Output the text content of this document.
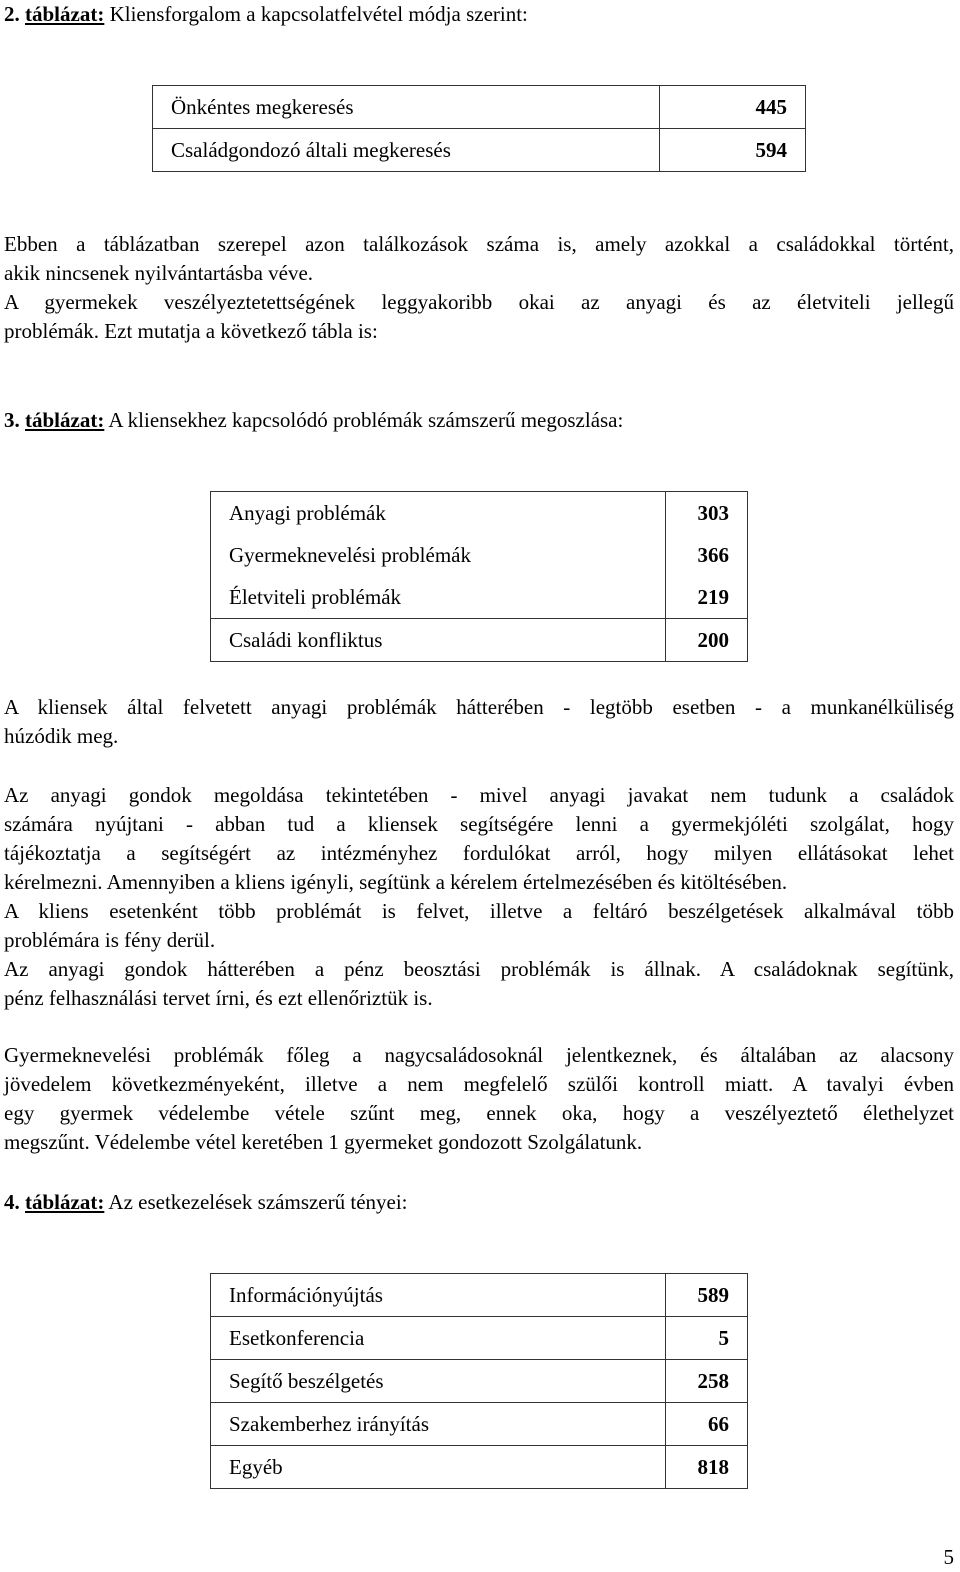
2. táblázat: Kliensforgalom a kapcsolatfelvétel módja szerint:
Önkéntes megkeresés	445
Családgondozó általi megkeresés	594
Ebben a táblázatban szerepel azon találkozások száma is, amely azokkal a családokkal történt,
akik nincsenek nyilvántartásba véve.
A gyermekek veszélyeztetettségének leggyakoribb okai az anyagi és az életviteli jellegű
problémák. Ezt mutatja a következő tábla is:
3. táblázat: A kliensekhez kapcsolódó problémák számszerű megoszlása:
Anyagi problémák	303
Gyermeknevelési problémák	366
Életviteli problémák	219
Családi konfliktus	200
A kliensek által felvetett anyagi problémák hátterében - legtöbb esetben - a munkanélküliség
húzódik meg.
Az anyagi gondok megoldása tekintetében - mivel anyagi javakat nem tudunk a családok
számára nyújtani - abban tud a kliensek segítségére lenni a gyermekjóléti szolgálat, hogy
tájékoztatja a segítségért az intézményhez fordulókat arról, hogy milyen ellátásokat lehet
kérelmezni. Amennyiben a kliens igényli, segítünk a kérelem értelmezésében és kitöltésében.
A kliens esetenként több problémát is felvet, illetve a feltáró beszélgetések alkalmával több
problémára is fény derül.
Az anyagi gondok hátterében a pénz beosztási problémák is állnak. A családoknak segítünk,
pénz felhasználási tervet írni, és ezt ellenőriztük is.
Gyermeknevelési problémák főleg a nagycsaládosoknál jelentkeznek, és általában az alacsony
jövedelem következményeként, illetve a nem megfelelő szülői kontroll miatt. A tavalyi évben
egy gyermek védelembe vétele szűnt meg, ennek oka, hogy a veszélyeztető élethelyzet
megszűnt. Védelembe vétel keretében 1 gyermeket gondozott Szolgálatunk.
4. táblázat: Az esetkezelések számszerű tényei:
Információnyújtás	589
Esetkonferencia	5
Segítő beszélgetés	258
Szakemberhez irányítás	66
Egyéb	818
5
